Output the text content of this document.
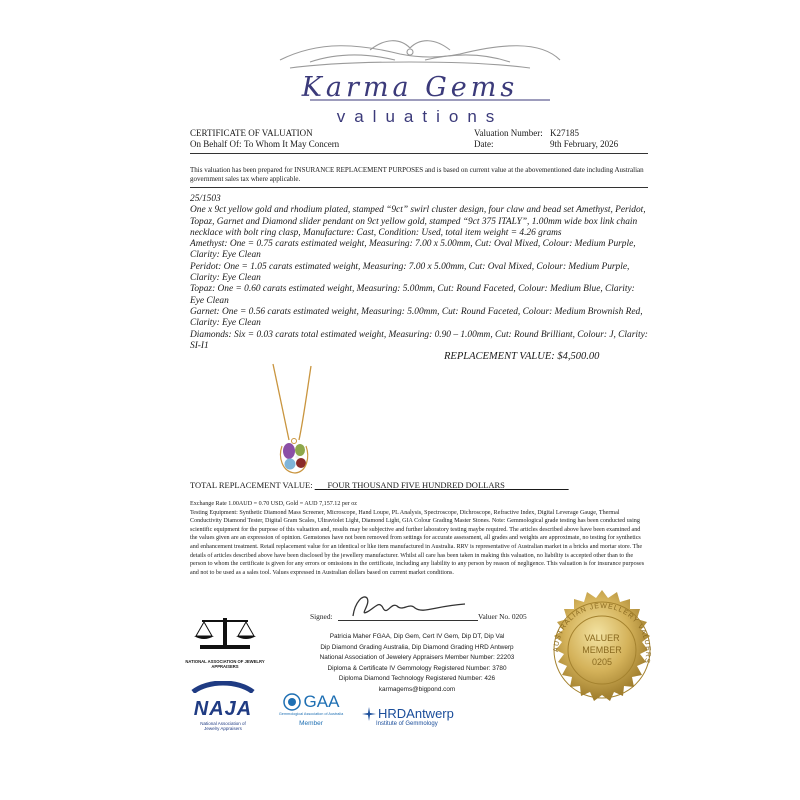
Karma Gems
valuations
CERTIFICATE OF VALUATION
On Behalf Of: To Whom It May Concern
Valuation Number: K27185
Date:	9th February, 2026
This valuation has been prepared for INSURANCE REPLACEMENT PURPOSES and is based on current value at the abovementioned date including Australian government sales tax where applicable.

25/1503

One x 9ct yellow gold and rhodium plated, stamped “9ct” swirl cluster design, four claw and bead set Amethyst, Peridot, Topaz, Garnet and Diamond slider pendant on 9ct yellow gold, stamped “9ct 375 ITALY”, 1.00mm wide box link chain necklace with bolt ring clasp, Manufacture: Cast, Condition: Used, total item weight = 4.26 grams

Amethyst: One = 0.75 carats estimated weight, Measuring: 7.00 x 5.00mm, Cut: Oval Mixed, Colour: Medium Purple, Clarity: Eye Clean

Peridot: One = 1.05 carats estimated weight, Measuring: 7.00 x 5.00mm, Cut: Oval Mixed, Colour: Medium Purple, Clarity: Eye Clean

Topaz: One = 0.60 carats estimated weight, Measuring: 5.00mm, Cut: Round Faceted, Colour: Medium Blue, Clarity: Eye Clean

Garnet: One = 0.56 carats estimated weight, Measuring: 5.00mm, Cut: Round Faceted, Colour: Medium Brownish Red, Clarity: Eye Clean

Diamonds: Six = 0.03 carats total estimated weight, Measuring: 0.90 – 1.00mm, Cut: Round Brilliant, Colour: J, Clarity: SI-I1

REPLACEMENT VALUE: $4,500.00
TOTAL REPLACEMENT VALUE: FOUR THOUSAND FIVE HUNDRED DOLLARS
Exchange Rate 1.00AUD = 0.70 USD, Gold = AUD 7,157.12 per oz
Testing Equipment: Synthetic Diamond Mass Screener, Microscope, Hand Loupe, PL Analysis, Spectroscope, Dichroscope, Refractive Index, Digital Leverage Gauge, Thermal Conductivity Diamond Tester, Digital Gram Scales, Ultraviolet Light, Diamond Light, GIA Colour Grading Master Stones. Note: Gemmological grade testing has been conducted using scientific equipment for the purpose of this valuation and, results may be subjective and further laboratory testing maybe required. The articles described above have been examined and the values given are an expression of opinion. Gemstones have not been removed from settings for accurate assessment, all grades and weights are approximate, no testing for synthetics and enhancement treatment. Retail replacement value for an identical or like item manufactured in Australia. RRV is representative of Australian market in a bricks and mortar store. The details of articles described above have been disclosed by the jewellery manufacturer. Whilst all care has been taken in making this valuation, no liability is accepted other than to the person to whom the certificate is given for any errors or omissions in the certificate, including any liability to any person by reason of negligence. This valuation is for insurance purposes and not to be used as a sales tool. Values expressed in Australian dollars based on current market conditions.
Signed:	Valuer No. 0205
Patricia Maher FGAA, Dip Gem, Cert IV Gem, Dip DT, Dip Val
Dip Diamond Grading Australia, Dip Diamond Grading HRD Antwerp
National Association of Jewelery Appraisers Member Number: 22203
Diploma & Certificate IV Gemmology Registered Number: 3780
Diploma Diamond Technology Registered Number: 426
karmagems@bigpond.com
NATIONAL ASSOCIATION OF JEWELRY APPRAISERS
NAJA
National Association of
Jewelry Appraisers
GAA
Gemmological Association of Australia
Member
HRDAntwerp
Institute of Gemmology
AUSTRALIAN JEWELLERY VALUERS
VALUER
MEMBER
0205
